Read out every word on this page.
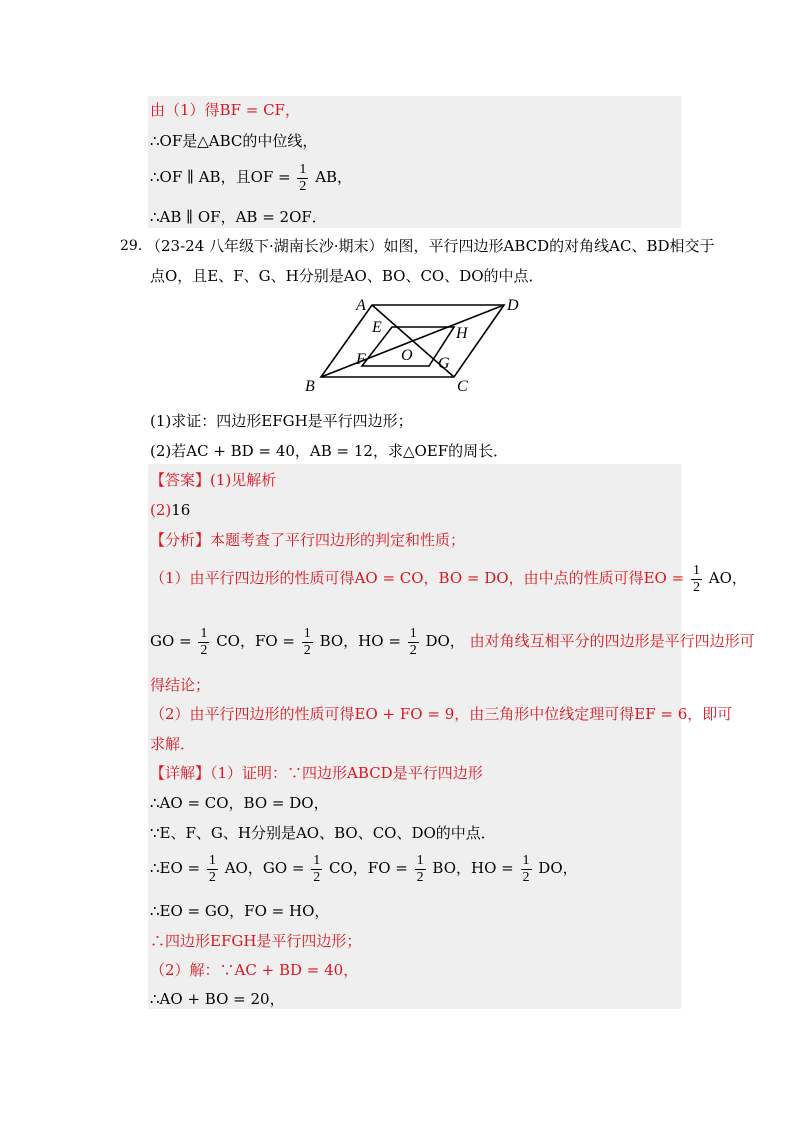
由（1）得BF = CF，
∴OF是△ABC的中位线，
∴OF ∥ AB，且OF = $\frac{1}{2}$ AB，
∴AB ∥ OF，AB = 2OF．
29. （23-24 八年级下·湖南长沙·期末）如图，平行四边形ABCD的对角线AC、BD相交于
点O，且E、F、G、H分别是AO、BO、CO、DO的中点．
A
B	C
D
E
F	G
H
O
(1)求证：四边形EFGH是平行四边形；
(2)若AC + BD = 40，AB = 12，求△OEF的周长．
【答案】(1)见解析
(2)16
【分析】本题考查了平行四边形的判定和性质；
（1）由平行四边形的性质可得AO = CO，BO = DO，由中点的性质可得EO = $\frac{1}{2}$ AO，
GO = $\frac{1}{2}$ CO，FO = $\frac{1}{2}$ BO，HO = $\frac{1}{2}$ DO， 由对角线互相平分的四边形是平行四边形可
得结论；
（2）由平行四边形的性质可得EO + FO = 9，由三角形中位线定理可得EF = 6，即可
求解．
【详解】（1）证明：∵四边形ABCD是平行四边形
∴AO = CO，BO = DO，
∵E、F、G、H分别是AO、BO、CO、DO的中点．
∴EO = $\frac{1}{2}$ AO，GO = $\frac{1}{2}$ CO，FO = $\frac{1}{2}$ BO，HO = $\frac{1}{2}$ DO，
∴EO = GO，FO = HO，
∴四边形EFGH是平行四边形；
（2）解：∵AC + BD = 40，
∴AO + BO = 20，
